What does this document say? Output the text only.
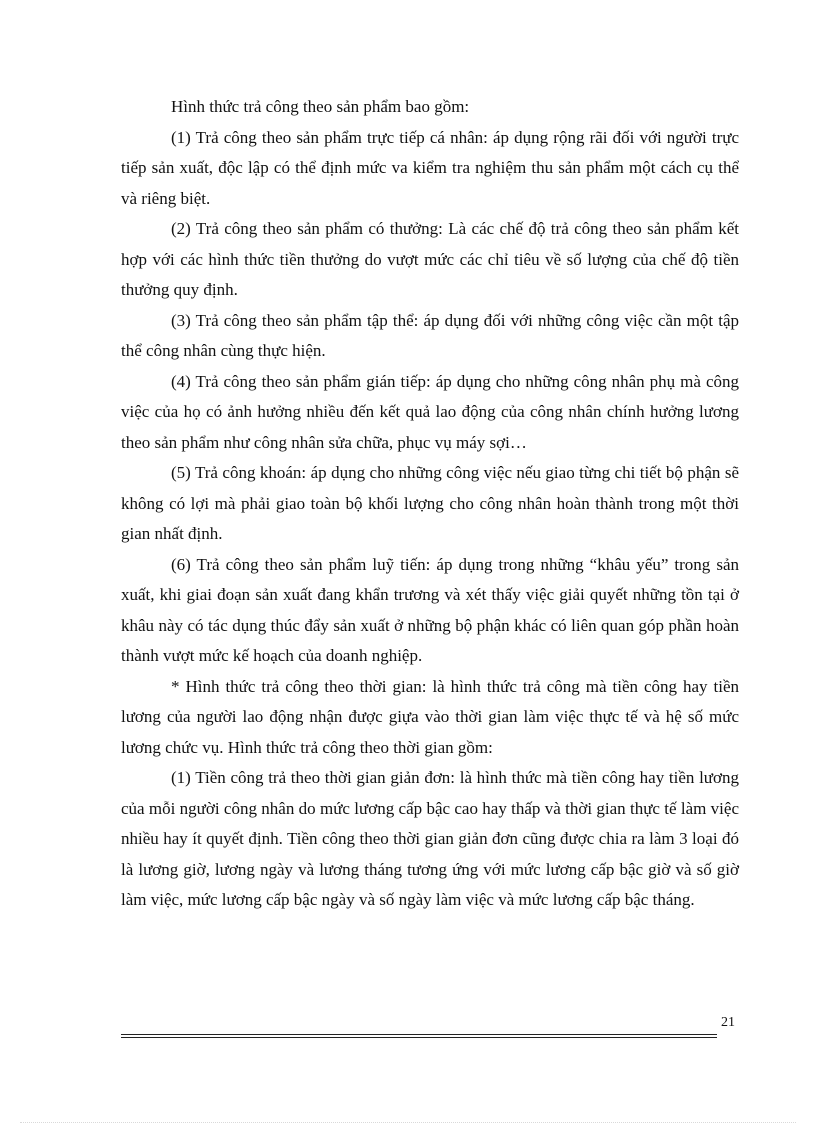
Hình thức trả công theo sản phẩm bao gồm:

(1) Trả công theo sản phẩm trực tiếp cá nhân: áp dụng rộng rãi đối với người trực tiếp sản xuất, độc lập có thể định mức va kiểm tra nghiệm thu sản phẩm một cách cụ thể và riêng biệt.

(2) Trả công theo sản phẩm có thưởng: Là các chế độ trả công theo sản phẩm kết hợp với các hình thức tiền thưởng do vượt mức các chỉ tiêu về số lượng của chế độ tiền thưởng quy định.

(3) Trả công theo sản phẩm tập thể: áp dụng đối với những công việc cần một tập thể công nhân cùng thực hiện.

(4) Trả công theo sản phẩm gián tiếp: áp dụng cho những công nhân phụ mà công việc của họ có ảnh hưởng nhiều đến kết quả lao động của công nhân chính hưởng lương theo sản phẩm như công nhân sửa chữa, phục vụ máy sợi…

(5) Trả công khoán: áp dụng cho những công việc nếu giao từng chi tiết bộ phận sẽ không có lợi mà phải giao toàn bộ khối lượng cho công nhân hoàn thành trong một thời gian nhất định.

(6) Trả công theo sản phẩm luỹ tiến: áp dụng trong những “khâu yếu” trong sản xuất, khi giai đoạn sản xuất đang khẩn trương và xét thấy việc giải quyết những tồn tại ở khâu này có tác dụng thúc đẩy sản xuất ở những bộ phận khác có liên quan góp phần hoàn thành vượt mức kế hoạch của doanh nghiệp.

* Hình thức trả công theo thời gian: là hình thức trả công mà tiền công hay tiền lương của người lao động nhận được giựa vào thời gian làm việc thực tế và hệ số mức lương chức vụ. Hình thức trả công theo thời gian gồm:

(1) Tiền công trả theo thời gian giản đơn: là hình thức mà tiền công hay tiền lương của mỗi người công nhân do mức lương cấp bậc cao hay thấp và thời gian thực tế làm việc nhiều hay ít quyết định. Tiền công theo thời gian giản đơn cũng được chia ra làm 3 loại đó là lương giờ, lương ngày và lương tháng tương ứng với mức lương cấp bậc giờ và số giờ làm việc, mức lương cấp bậc ngày và số ngày làm việc và mức lương cấp bậc tháng.

21
